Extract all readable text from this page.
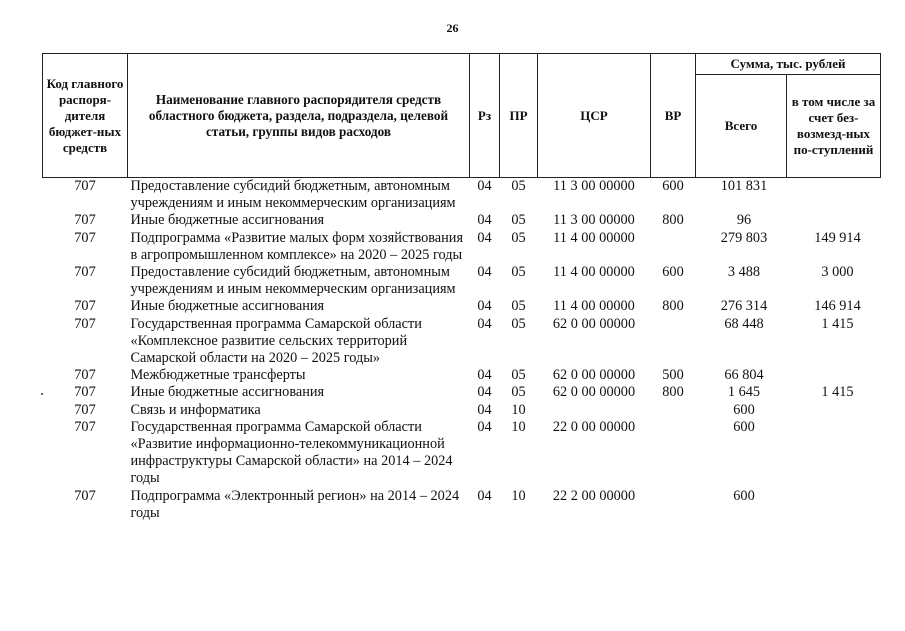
26
Код главного распоря-дителя бюджет-ных средств	Наименование главного распорядителя средств областного бюджета, раздела, подраздела, целевой статьи, группы видов расходов	Рз	ПР	ЦСР	ВР	Сумма, тыс. рублей	
						Всего	в том числе за счет без-возмезд-ных по-ступлений
707	Предоставление субсидий бюджетным, автономным учреждениям и иным некоммерческим организациям	04	05	11 3 00 00000	600	101 831	
707	Иные бюджетные ассигнования	04	05	11 3 00 00000	800	96	
707	Подпрограмма «Развитие малых форм хозяйствования в агропромышленном комплексе» на 2020 – 2025 годы	04	05	11 4 00 00000		279 803	149 914
707	Предоставление субсидий бюджетным, автономным учреждениям и иным некоммерческим организациям	04	05	11 4 00 00000	600	3 488	3 000
707	Иные бюджетные ассигнования	04	05	11 4 00 00000	800	276 314	146 914
707	Государственная программа Самарской области «Комплексное развитие сельских территорий Самарской области на 2020 – 2025 годы»	04	05	62 0 00 00000		68 448	1 415
707	Межбюджетные трансферты	04	05	62 0 00 00000	500	66 804	
707	Иные бюджетные ассигнования	04	05	62 0 00 00000	800	1 645	1 415
707	Связь и информатика	04	10			600	
707	Государственная программа Самарской области «Развитие информационно-телекоммуникационной инфраструктуры Самарской области» на 2014 – 2024 годы	04	10	22 0 00 00000		600	
707	Подпрограмма «Электронный регион» на 2014 – 2024 годы	04	10	22 2 00 00000		600	
